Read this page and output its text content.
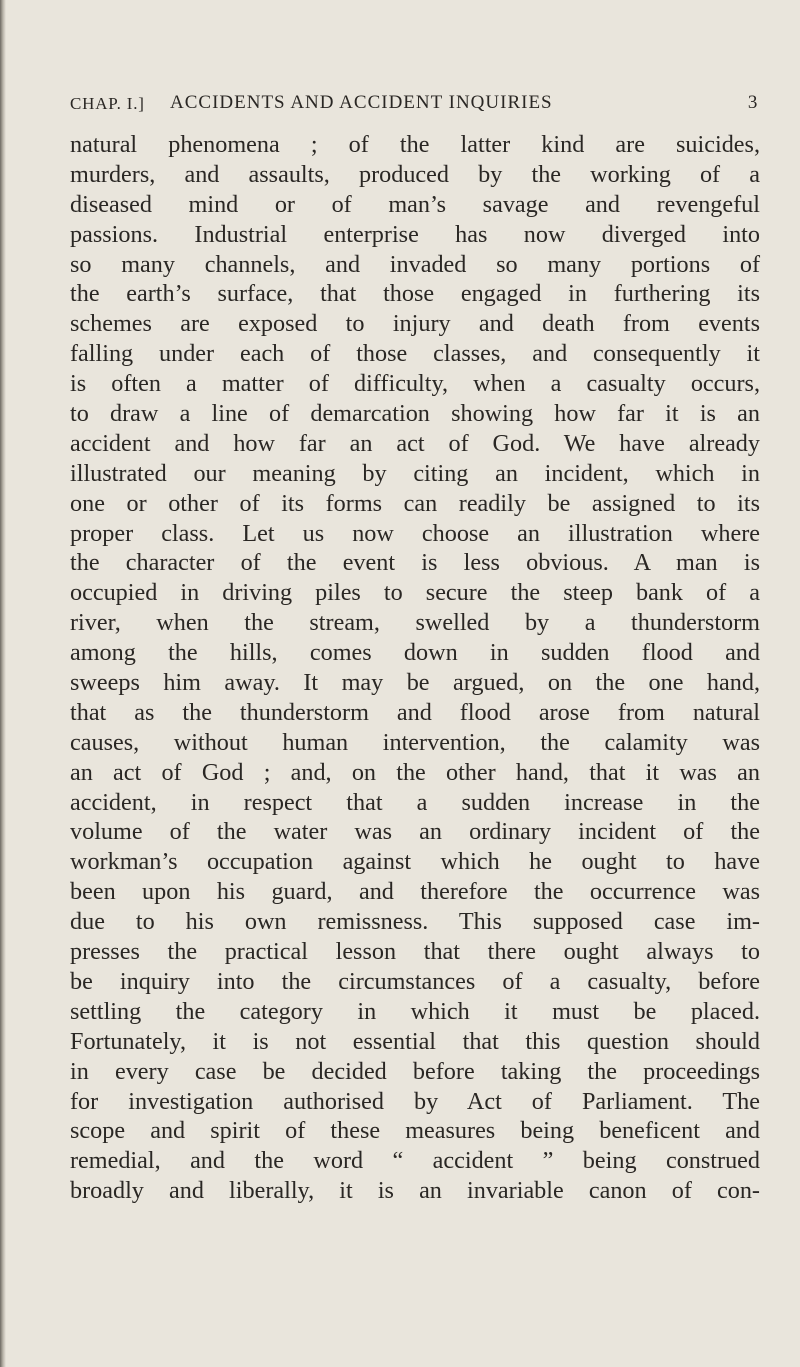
CHAP. I.] ACCIDENTS AND ACCIDENT INQUIRIES	3
natural phenomena ; of the latter kind are suicides,
murders, and assaults, produced by the working of a
diseased mind or of man’s savage and revengeful
passions. Industrial enterprise has now diverged into
so many channels, and invaded so many portions of
the earth’s surface, that those engaged in furthering its
schemes are exposed to injury and death from events
falling under each of those classes, and consequently it
is often a matter of difficulty, when a casualty occurs,
to draw a line of demarcation showing how far it is an
accident and how far an act of God. We have already
illustrated our meaning by citing an incident, which in
one or other of its forms can readily be assigned to its
proper class. Let us now choose an illustration where
the character of the event is less obvious. A man is
occupied in driving piles to secure the steep bank of a
river, when the stream, swelled by a thunderstorm
among the hills, comes down in sudden flood and
sweeps him away. It may be argued, on the one hand,
that as the thunderstorm and flood arose from natural
causes, without human intervention, the calamity was
an act of God ; and, on the other hand, that it was an
accident, in respect that a sudden increase in the
volume of the water was an ordinary incident of the
workman’s occupation against which he ought to have
been upon his guard, and therefore the occurrence was
due to his own remissness. This supposed case im-
presses the practical lesson that there ought always to
be inquiry into the circumstances of a casualty, before
settling the category in which it must be placed.
Fortunately, it is not essential that this question should
in every case be decided before taking the proceedings
for investigation authorised by Act of Parliament. The
scope and spirit of these measures being beneficent and
remedial, and the word “ accident ” being construed
broadly and liberally, it is an invariable canon of con-
